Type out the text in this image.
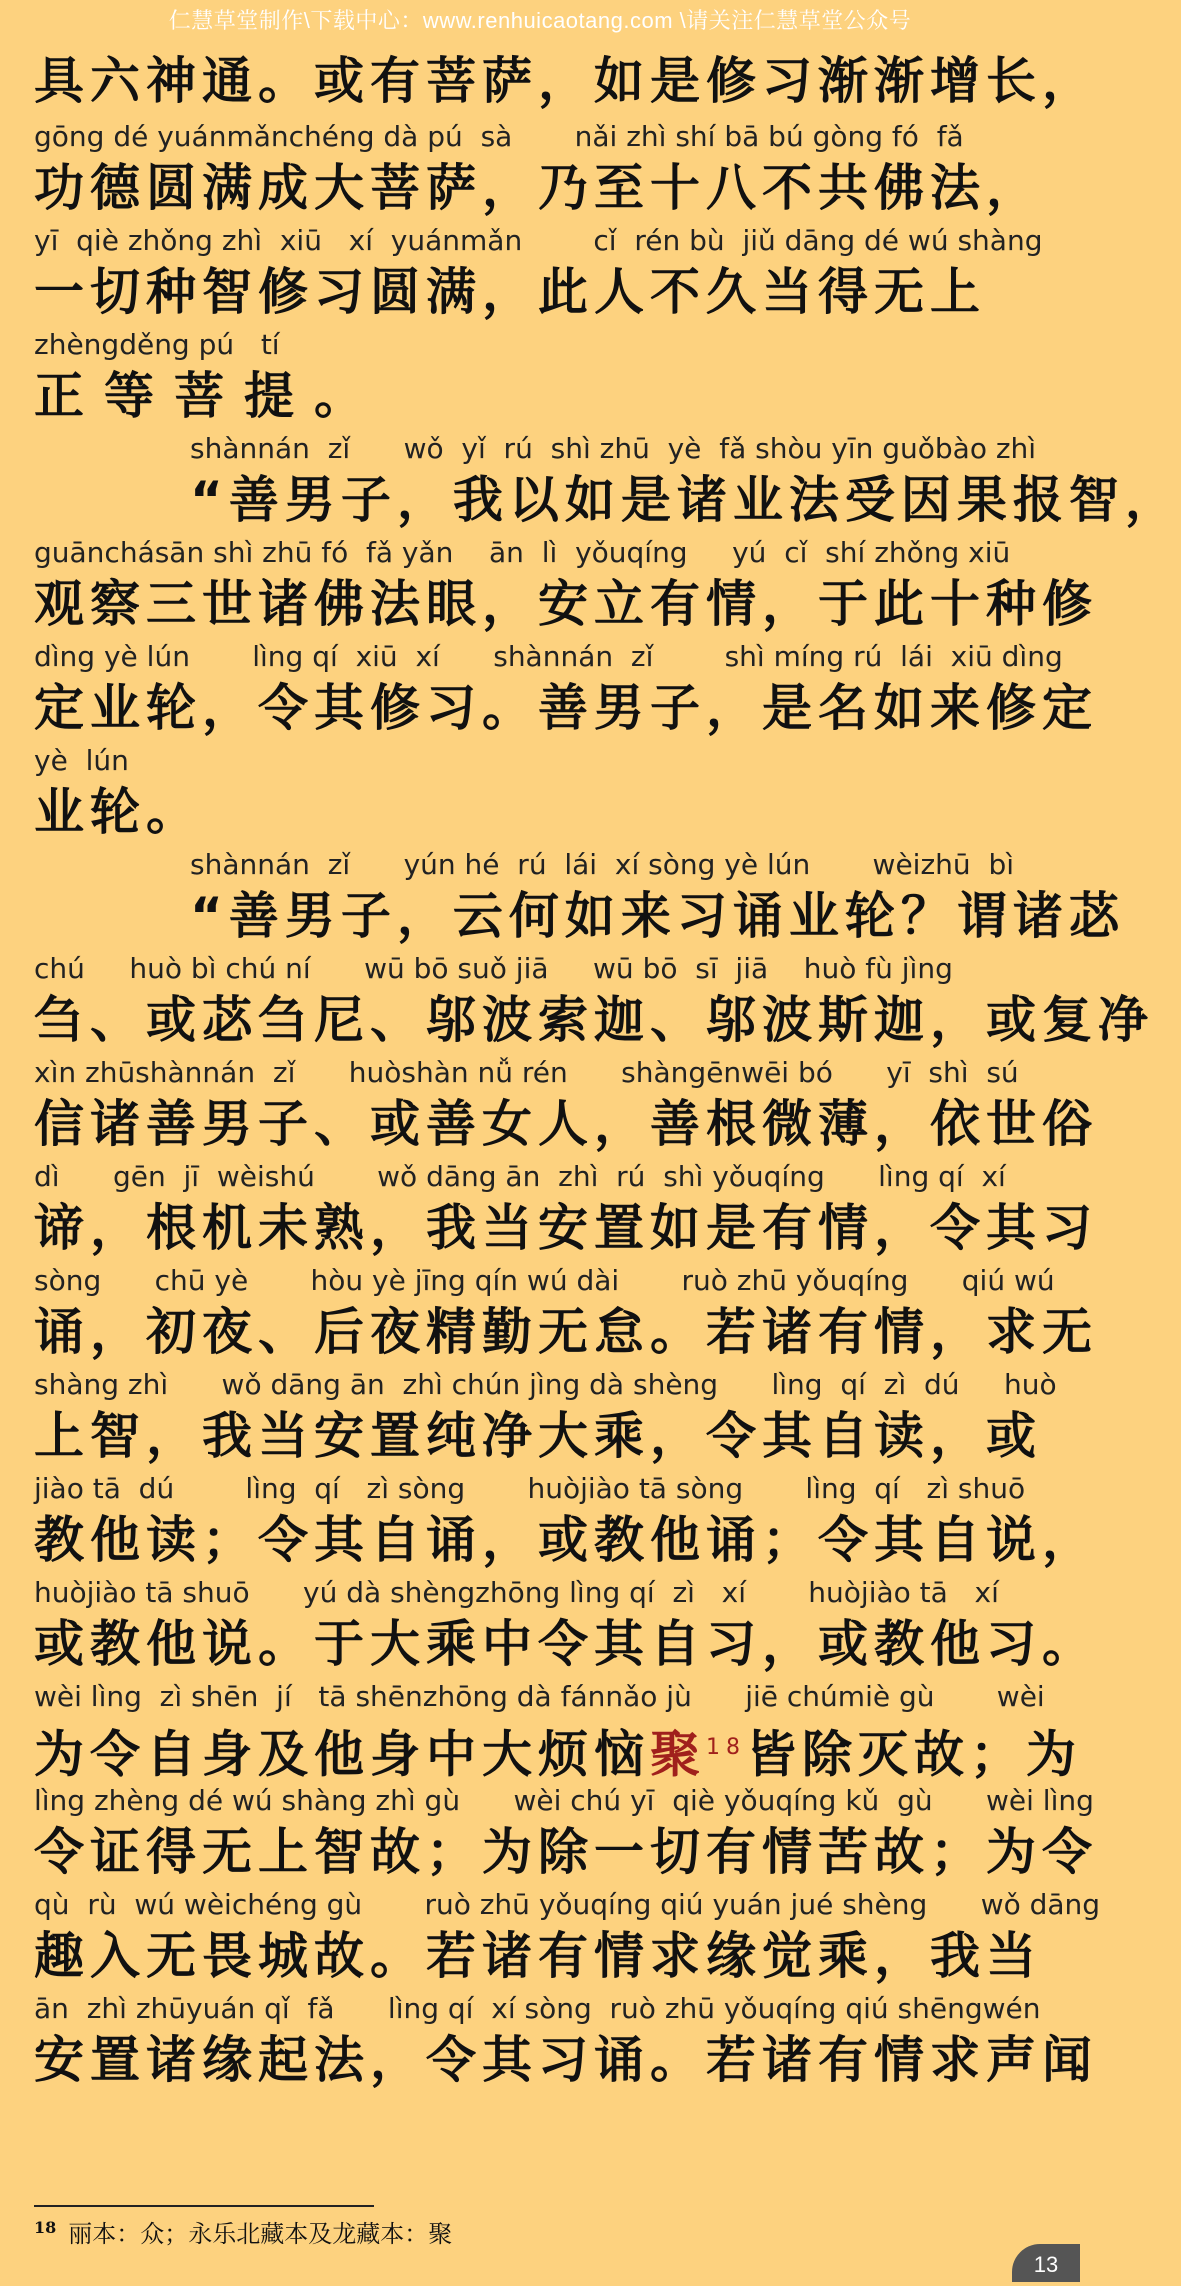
仁慧草堂制作\下载中心：www.renhuicaotang.com \请关注仁慧草堂公众号
具六神通。或有菩萨，如是修习渐渐增长，
gōng dé yuánmǎnchéng dà pú  sà       nǎi zhì shí bā bú gòng fó  fǎ
功德圆满成大菩萨，乃至十八不共佛法，
yī  qiè zhǒng zhì  xiū   xí  yuánmǎn        cǐ  rén bù  jiǔ dāng dé wú shàng
一切种智修习圆满，此人不久当得无上
zhèngděng pú   tí
正等菩提。
shànnán  zǐ      wǒ  yǐ  rú  shì zhū  yè  fǎ shòu yīn guǒbào zhì
“善男子，我以如是诸业法受因果报智，
guānchásān shì zhū fó  fǎ yǎn    ān  lì  yǒuqíng     yú  cǐ  shí zhǒng xiū
观察三世诸佛法眼，安立有情，于此十种修
dìng yè lún       lìng qí  xiū  xí      shànnán  zǐ        shì míng rú  lái  xiū dìng
定业轮，令其修习。善男子，是名如来修定
yè  lún
业轮。
shànnán  zǐ      yún hé  rú  lái  xí sòng yè lún       wèizhū  bì
“善男子，云何如来习诵业轮？谓诸苾
chú     huò bì chú ní      wū bō suǒ jiā     wū bō  sī  jiā    huò fù jìng
刍、或苾刍尼、邬波索迦、邬波斯迦，或复净
xìn zhūshànnán  zǐ      huòshàn nǚ rén      shàngēnwēi bó      yī  shì  sú
信诸善男子、或善女人，善根微薄，依世俗
dì      gēn  jī  wèishú       wǒ dāng ān  zhì  rú  shì yǒuqíng      lìng qí  xí
谛，根机未熟，我当安置如是有情，令其习
sòng      chū yè       hòu yè jīng qín wú dài       ruò zhū yǒuqíng      qiú wú
诵，初夜、后夜精勤无怠。若诸有情，求无
shàng zhì      wǒ dāng ān  zhì chún jìng dà shèng      lìng  qí  zì  dú     huò
上智，我当安置纯净大乘，令其自读，或
jiào tā  dú        lìng  qí   zì sòng       huòjiào tā sòng       lìng  qí   zì shuō
教他读；令其自诵，或教他诵；令其自说，
huòjiào tā shuō      yú dà shèngzhōng lìng qí  zì   xí       huòjiào tā   xí
或教他说。于大乘中令其自习，或教他习。
wèi lìng  zì shēn  jí   tā shēnzhōng dà fánnǎo jù      jiē chúmiè gù       wèi
为令自身及他身中大烦恼聚$^{18}$皆除灭故；为
lìng zhèng dé wú shàng zhì gù      wèi chú yī  qiè yǒuqíng kǔ  gù      wèi lìng
令证得无上智故；为除一切有情苦故；为令
qù  rù  wú wèichéng gù       ruò zhū yǒuqíng qiú yuán jué shèng      wǒ dāng
趣入无畏城故。若诸有情求缘觉乘，我当
ān  zhì zhūyuán qǐ  fǎ      lìng qí  xí sòng  ruò zhū yǒuqíng qiú shēngwén
安置诸缘起法，令其习诵。若诸有情求声闻
$^{18}$ 丽本：众；永乐北藏本及龙藏本：聚
13
